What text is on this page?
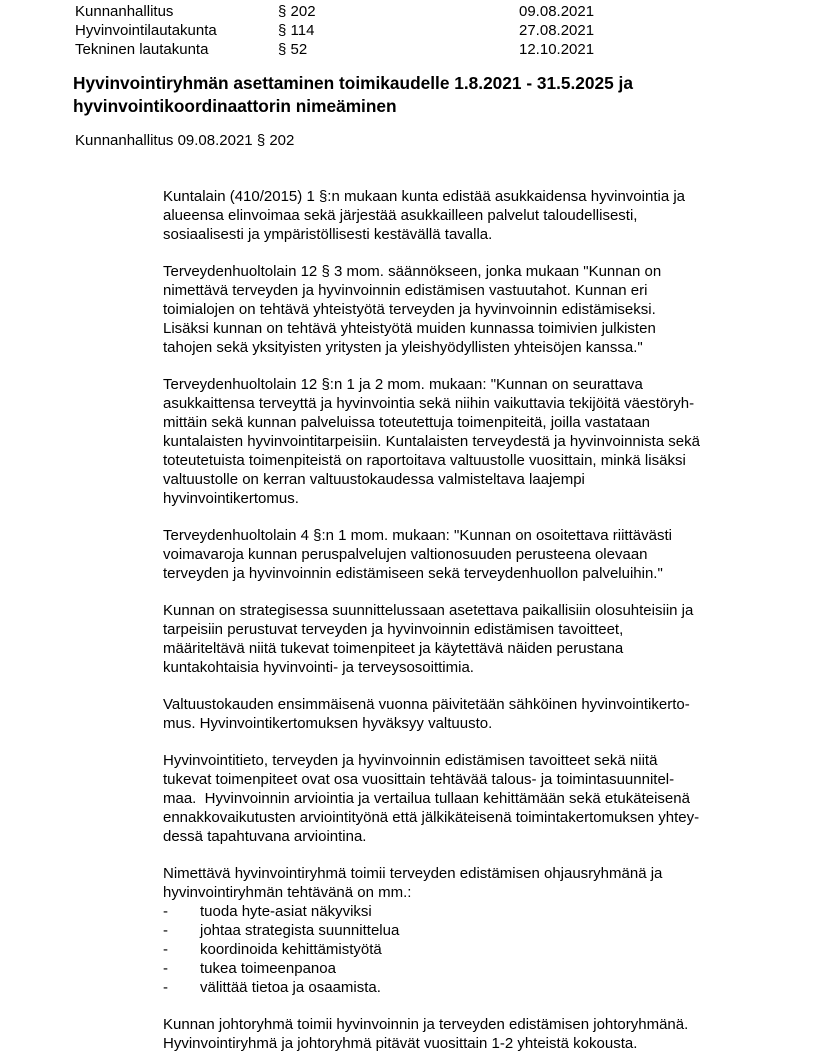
Kunnanhallitus	§ 202	09.08.2021
Hyvinvointilautakunta	§ 114	27.08.2021
Tekninen lautakunta	§ 52	12.10.2021
Hyvinvointiryhmän asettaminen toimikaudelle 1.8.2021 - 31.5.2025 ja
hyvinvointikoordinaattorin nimeäminen
Kunnanhallitus 09.08.2021 § 202
Kuntalain (410/2015) 1 §:n mukaan kunta edistää asukkaidensa hyvinvointia ja
alueensa elinvoimaa sekä järjestää asukkailleen palvelut taloudellisesti,
sosiaalisesti ja ympäristöllisesti kestävällä tavalla.
Terveydenhuoltolain 12 § 3 mom. säännökseen, jonka mukaan "Kunnan on
nimettävä terveyden ja hyvinvoinnin edistämisen vastuutahot. Kunnan eri
toimialojen on tehtävä yhteistyötä terveyden ja hyvinvoinnin edistämiseksi.
Lisäksi kunnan on tehtävä yhteistyötä muiden kunnassa toimivien julkisten
tahojen sekä yksityisten yritysten ja yleishyödyllisten yhteisöjen kanssa."
Terveydenhuoltolain 12 §:n 1 ja 2 mom. mukaan: "Kunnan on seurattava
asukkaittensa terveyttä ja hyvinvointia sekä niihin vaikuttavia tekijöitä väestöryh-
mittäin sekä kunnan palveluissa toteutettuja toimenpiteitä, joilla vastataan
kuntalaisten hyvinvointitarpeisiin. Kuntalaisten terveydestä ja hyvinvoinnista sekä
toteutetuista toimenpiteistä on raportoitava valtuustolle vuosittain, minkä lisäksi
valtuustolle on kerran valtuustokaudessa valmisteltava laajempi
hyvinvointikertomus.
Terveydenhuoltolain 4 §:n 1 mom. mukaan: "Kunnan on osoitettava riittävästi
voimavaroja kunnan peruspalvelujen valtionosuuden perusteena olevaan
terveyden ja hyvinvoinnin edistämiseen sekä terveydenhuollon palveluihin."
Kunnan on strategisessa suunnittelussaan asetettava paikallisiin olosuhteisiin ja
tarpeisiin perustuvat terveyden ja hyvinvoinnin edistämisen tavoitteet,
määriteltävä niitä tukevat toimenpiteet ja käytettävä näiden perustana
kuntakohtaisia hyvinvointi- ja terveysosoittimia.
Valtuustokauden ensimmäisenä vuonna päivitetään sähköinen hyvinvointikerto-
mus. Hyvinvointikertomuksen hyväksyy valtuusto.
Hyvinvointitieto, terveyden ja hyvinvoinnin edistämisen tavoitteet sekä niitä
tukevat toimenpiteet ovat osa vuosittain tehtävää talous- ja toimintasuunnitel-
maa.  Hyvinvoinnin arviointia ja vertailua tullaan kehittämään sekä etukäteisenä
ennakkovaikutusten arviointityönä että jälkikäteisenä toimintakertomuksen yhtey-
dessä tapahtuvana arviointina.
Nimettävä hyvinvointiryhmä toimii terveyden edistämisen ohjausryhmänä ja
hyvinvointiryhmän tehtävänä on mm.:
-	tuoda hyte-asiat näkyviksi
-	johtaa strategista suunnittelua
-	koordinoida kehittämistyötä
-	tukea toimeenpanoa
-	välittää tietoa ja osaamista.
Kunnan johtoryhmä toimii hyvinvoinnin ja terveyden edistämisen johtoryhmänä.
Hyvinvointiryhmä ja johtoryhmä pitävät vuosittain 1-2 yhteistä kokousta.
